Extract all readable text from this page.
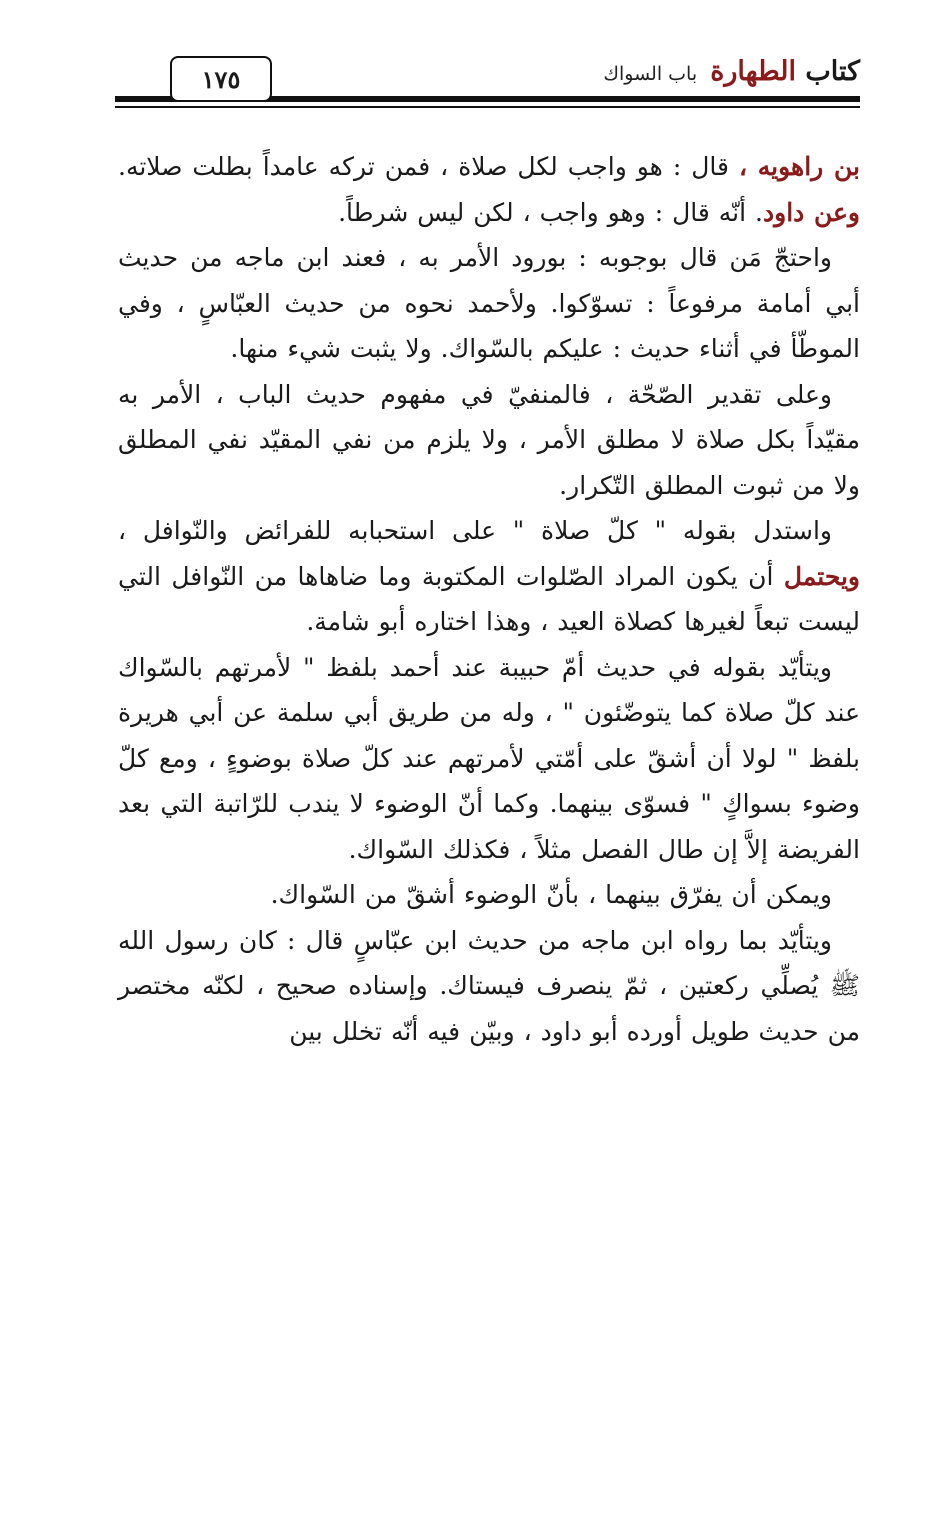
١٧٥	كتاب الطهارة باب السواك

بن راهويه ، قال : هو واجب لكل صلاة ، فمن تركه عامداً بطلت صلاته. وعن داود. أنّه قال : وهو واجب ، لكن ليس شرطاً.

واحتجّ مَن قال بوجوبه : بورود الأمر به ، فعند ابن ماجه من حديث أبي أمامة مرفوعاً : تسوّكوا. ولأحمد نحوه من حديث العبّاسٍ ، وفي الموطّأ في أثناء حديث : عليكم بالسّواك. ولا يثبت شيء منها.

وعلى تقدير الصّحّة ، فالمنفيّ في مفهوم حديث الباب ، الأمر به مقيّداً بكل صلاة لا مطلق الأمر ، ولا يلزم من نفي المقيّد نفي المطلق ولا من ثبوت المطلق التّكرار.

واستدل بقوله " كلّ صلاة " على استحبابه للفرائض والنّوافل ، ويحتمل أن يكون المراد الصّلوات المكتوبة وما ضاهاها من النّوافل التي ليست تبعاً لغيرها كصلاة العيد ، وهذا اختاره أبو شامة.

ويتأيّد بقوله في حديث أمّ حبيبة عند أحمد بلفظ " لأمرتهم بالسّواك عند كلّ صلاة كما يتوضّئون " ، وله من طريق أبي سلمة عن أبي هريرة بلفظ " لولا أن أشقّ على أمّتي لأمرتهم عند كلّ صلاة بوضوءٍ ، ومع كلّ وضوء بسواكٍ " فسوّى بينهما. وكما أنّ الوضوء لا يندب للرّاتبة التي بعد الفريضة إلاَّ إن طال الفصل مثلاً ، فكذلك السّواك.

ويمكن أن يفرّق بينهما ، بأنّ الوضوء أشقّ من السّواك.

ويتأيّد بما رواه ابن ماجه من حديث ابن عبّاسٍ قال : كان رسول الله ﷺ يُصلِّي ركعتين ، ثمّ ينصرف فيستاك. وإسناده صحيح ، لكنّه مختصر من حديث طويل أورده أبو داود ، وبيّن فيه أنّه تخلل بين
